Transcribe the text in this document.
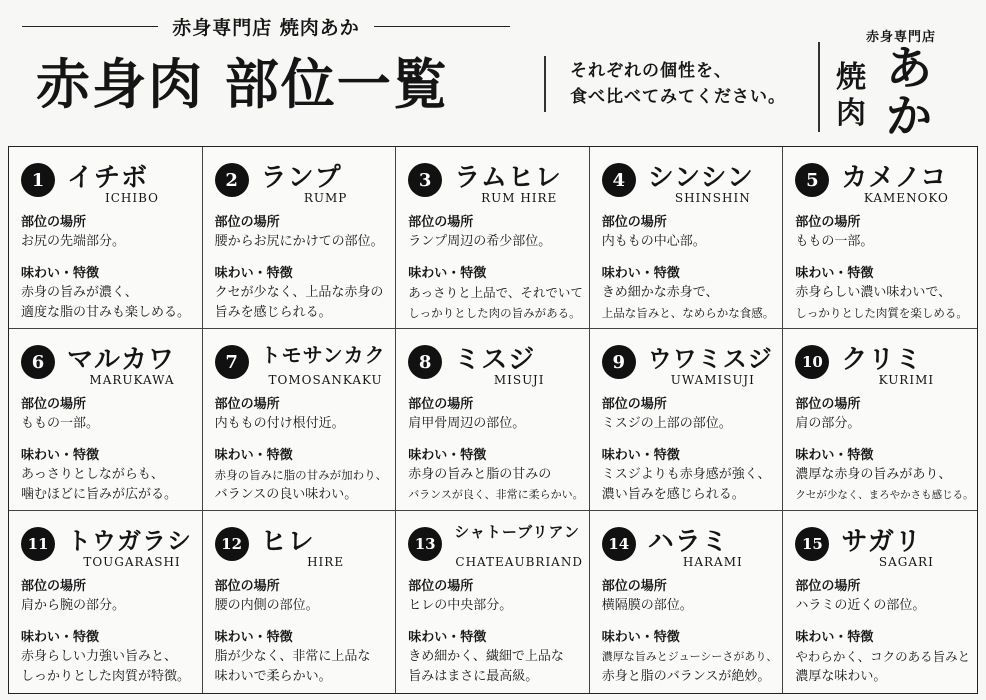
赤身専門店 焼肉あか
赤身肉 部位一覧	それぞれの個性を、
食べ比べてみてください。
赤身専門店
焼肉
あか
1 イチボ
ICHIBO
部位の場所
お尻の先端部分。
味わい・特徴
赤身の旨みが濃く、
適度な脂の甘みも楽しめる。
2 ランプ
RUMP
部位の場所
腰からお尻にかけての部位。
味わい・特徴
クセが少なく、上品な赤身の
旨みを感じられる。
3 ラムヒレ
RUM HIRE
部位の場所
ランプ周辺の希少部位。
味わい・特徴
あっさりと上品で、それでいて
しっかりとした肉の旨みがある。
4 シンシン
SHINSHIN
部位の場所
内ももの中心部。
味わい・特徴
きめ細かな赤身で、
上品な旨みと、なめらかな食感。
5 カメノコ
KAMENOKO
部位の場所
ももの一部。
味わい・特徴
赤身らしい濃い味わいで、
しっかりとした肉質を楽しめる。
6 マルカワ
MARUKAWA
部位の場所
ももの一部。
味わい・特徴
あっさりとしながらも、
噛むほどに旨みが広がる。
7	トモサンカク
TOMOSANKAKU
部位の場所
内ももの付け根付近。
味わい・特徴
赤身の旨みに脂の甘みが加わり、
バランスの良い味わい。
8 ミスジ
MISUJI
部位の場所
肩甲骨周辺の部位。
味わい・特徴
赤身の旨みと脂の甘みの
バランスが良く、非常に柔らかい。
9 ウワミスジ
UWAMISUJI
部位の場所
ミスジの上部の部位。
味わい・特徴
ミスジよりも赤身感が強く、
濃い旨みを感じられる。
10 クリミ
KURIMI
部位の場所
肩の部分。
味わい・特徴
濃厚な赤身の旨みがあり、
クセが少なく、まろやかさも感じる。
11 トウガラシ
TOUGARASHI
部位の場所
肩から腕の部分。
味わい・特徴
赤身らしい力強い旨みと、
しっかりとした肉質が特徴。
12 ヒレ
HIRE
部位の場所
腰の内側の部位。
味わい・特徴
脂が少なく、非常に上品な
味わいで柔らかい。
13
シャトーブリアン
CHATEAUBRIAND
部位の場所
ヒレの中央部分。
味わい・特徴
きめ細かく、繊細で上品な
旨みはまさに最高級。
14 ハラミ
HARAMI
部位の場所
横隔膜の部位。
味わい・特徴
濃厚な旨みとジューシーさがあり、
赤身と脂のバランスが絶妙。
15 サガリ
SAGARI
部位の場所
ハラミの近くの部位。
味わい・特徴
やわらかく、コクのある旨みと
濃厚な味わい。
